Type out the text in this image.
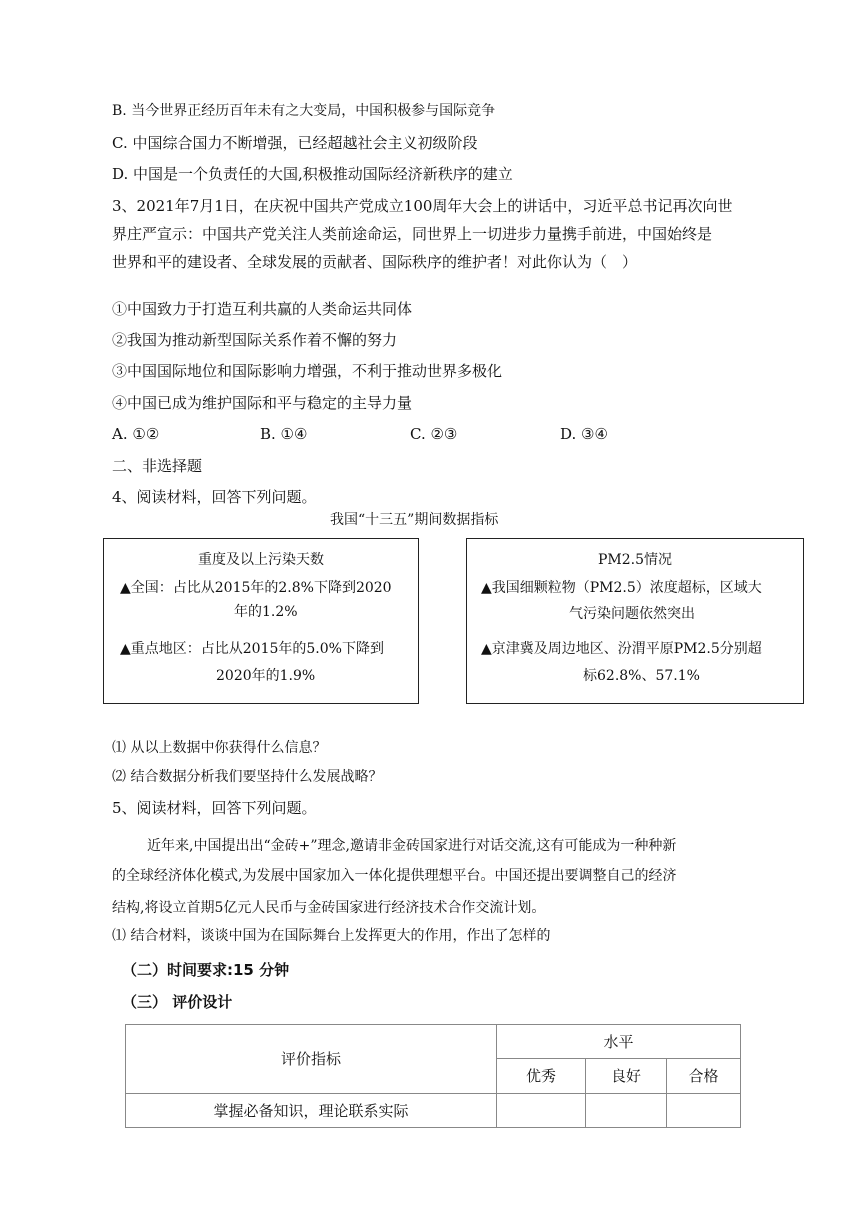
B. 当今世界正经历百年未有之大变局，中国积极参与国际竞争
C. 中国综合国力不断增强，已经超越社会主义初级阶段
D. 中国是一个负责任的大国,积极推动国际经济新秩序的建立
3、2021年7月1日，在庆祝中国共产党成立100周年大会上的讲话中，习近平总书记再次向世
界庄严宣示：中国共产党关注人类前途命运，同世界上一切进步力量携手前进，中国始终是
世界和平的建设者、全球发展的贡献者、国际秩序的维护者！对此你认为（　）
①中国致力于打造互利共赢的人类命运共同体
②我国为推动新型国际关系作着不懈的努力
③中国国际地位和国际影响力增强，不利于推动世界多极化
④中国已成为维护国际和平与稳定的主导力量
A. ①②	B. ①④	C. ②③	D. ③④
二、非选择题
4、阅读材料，回答下列问题。
我国“十三五”期间数据指标
重度及以上污染天数
▲全国：占比从2015年的2.8%下降到2020
年的1.2%
▲重点地区：占比从2015年的5.0%下降到
2020年的1.9%
PM2.5情况
▲我国细颗粒物（PM2.5）浓度超标，区域大
气污染问题依然突出
▲京津冀及周边地区、汾渭平原PM2.5分别超
标62.8%、57.1%
⑴ 从以上数据中你获得什么信息？
⑵ 结合数据分析我们要坚持什么发展战略？
5、阅读材料，回答下列问题。
近年来,中国提出出“金砖+”理念,邀请非金砖国家进行对话交流,这有可能成为一种种新
的全球经济体化模式,为发展中国家加入一体化提供理想平台。中国还提出要调整自己的经济
结构,将设立首期5亿元人民币与金砖国家进行经济技术合作交流计划。
⑴ 结合材料，谈谈中国为在国际舞台上发挥更大的作用，作出了怎样的
（二）时间要求:15 分钟
（三） 评价设计
评价指标	水平		
	优秀	良好	合格
掌握必备知识，理论联系实际			
